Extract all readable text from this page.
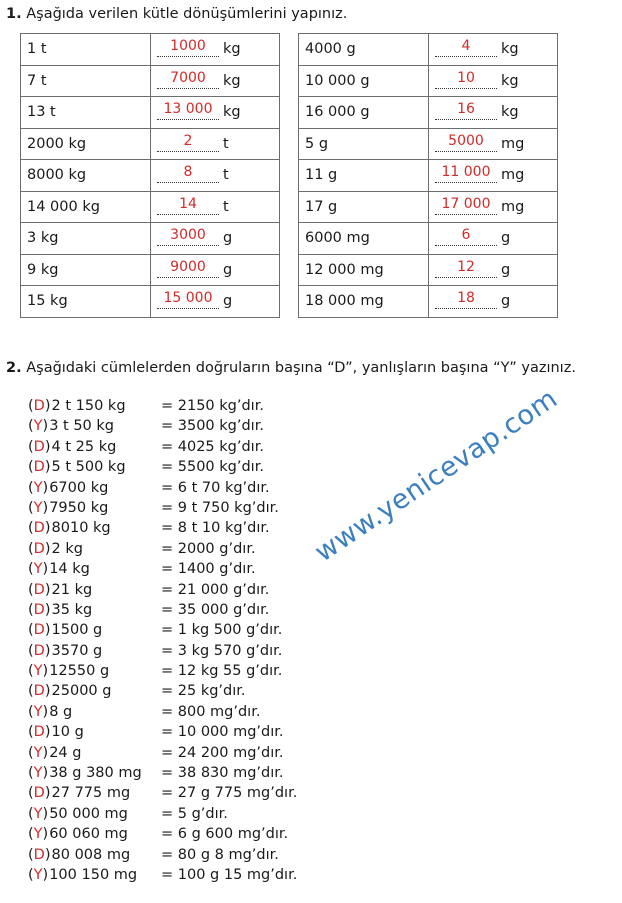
1. Aşağıda verilen kütle dönüşümlerini yapınız.
1 t	1000 kg
7 t	7000 kg
13 t	13 000 kg
2000 kg	2 t
8000 kg	8 t
14 000 kg	14 t
3 kg	3000 g
9 kg	9000 g
15 kg	15 000 g
4000 g	4 kg
10 000 g	10 kg
16 000 g	16 kg
5 g	5000 mg
11 g	11 000 mg
17 g	17 000 mg
6000 mg	6 g
12 000 mg	12 g
18 000 mg	18 g
2. Aşağıdaki cümlelerden doğruların başına “D”, yanlışların başına “Y” yazınız.
(D)2 t 150 kg = 2150 kg’dır.
(Y)3 t 50 kg	= 3500 kg’dır.
(D)4 t 25 kg	= 4025 kg’dır.
(D)5 t 500 kg = 5500 kg’dır.
(Y)6700 kg	= 6 t 70 kg’dır.
(Y)7950 kg	= 9 t 750 kg’dır.
(D)8010 kg	= 8 t 10 kg’dır.
(D)2 kg	= 2000 g’dır.
(Y)14 kg	= 1400 g’dır.
(D)21 kg	= 21 000 g’dır.
(D)35 kg	= 35 000 g’dır.
(D)1500 g	= 1 kg 500 g’dır.
(D)3570 g	= 3 kg 570 g’dır.
(Y)12550 g	= 12 kg 55 g’dır.
(D)25000 g	= 25 kg’dır.
(Y)8 g	= 800 mg’dır.
(D)10 g	= 10 000 mg’dır.
(Y)24 g	= 24 200 mg’dır.
(Y)38 g 380 mg = 38 830 mg’dır.
(D)27 775 mg = 27 g 775 mg’dır.
(Y)50 000 mg = 5 g’dır.
(Y)60 060 mg = 6 g 600 mg’dır.
(D)80 008 mg = 80 g 8 mg’dır.
(Y)100 150 mg = 100 g 15 mg’dır.
www.yenicevap.com
